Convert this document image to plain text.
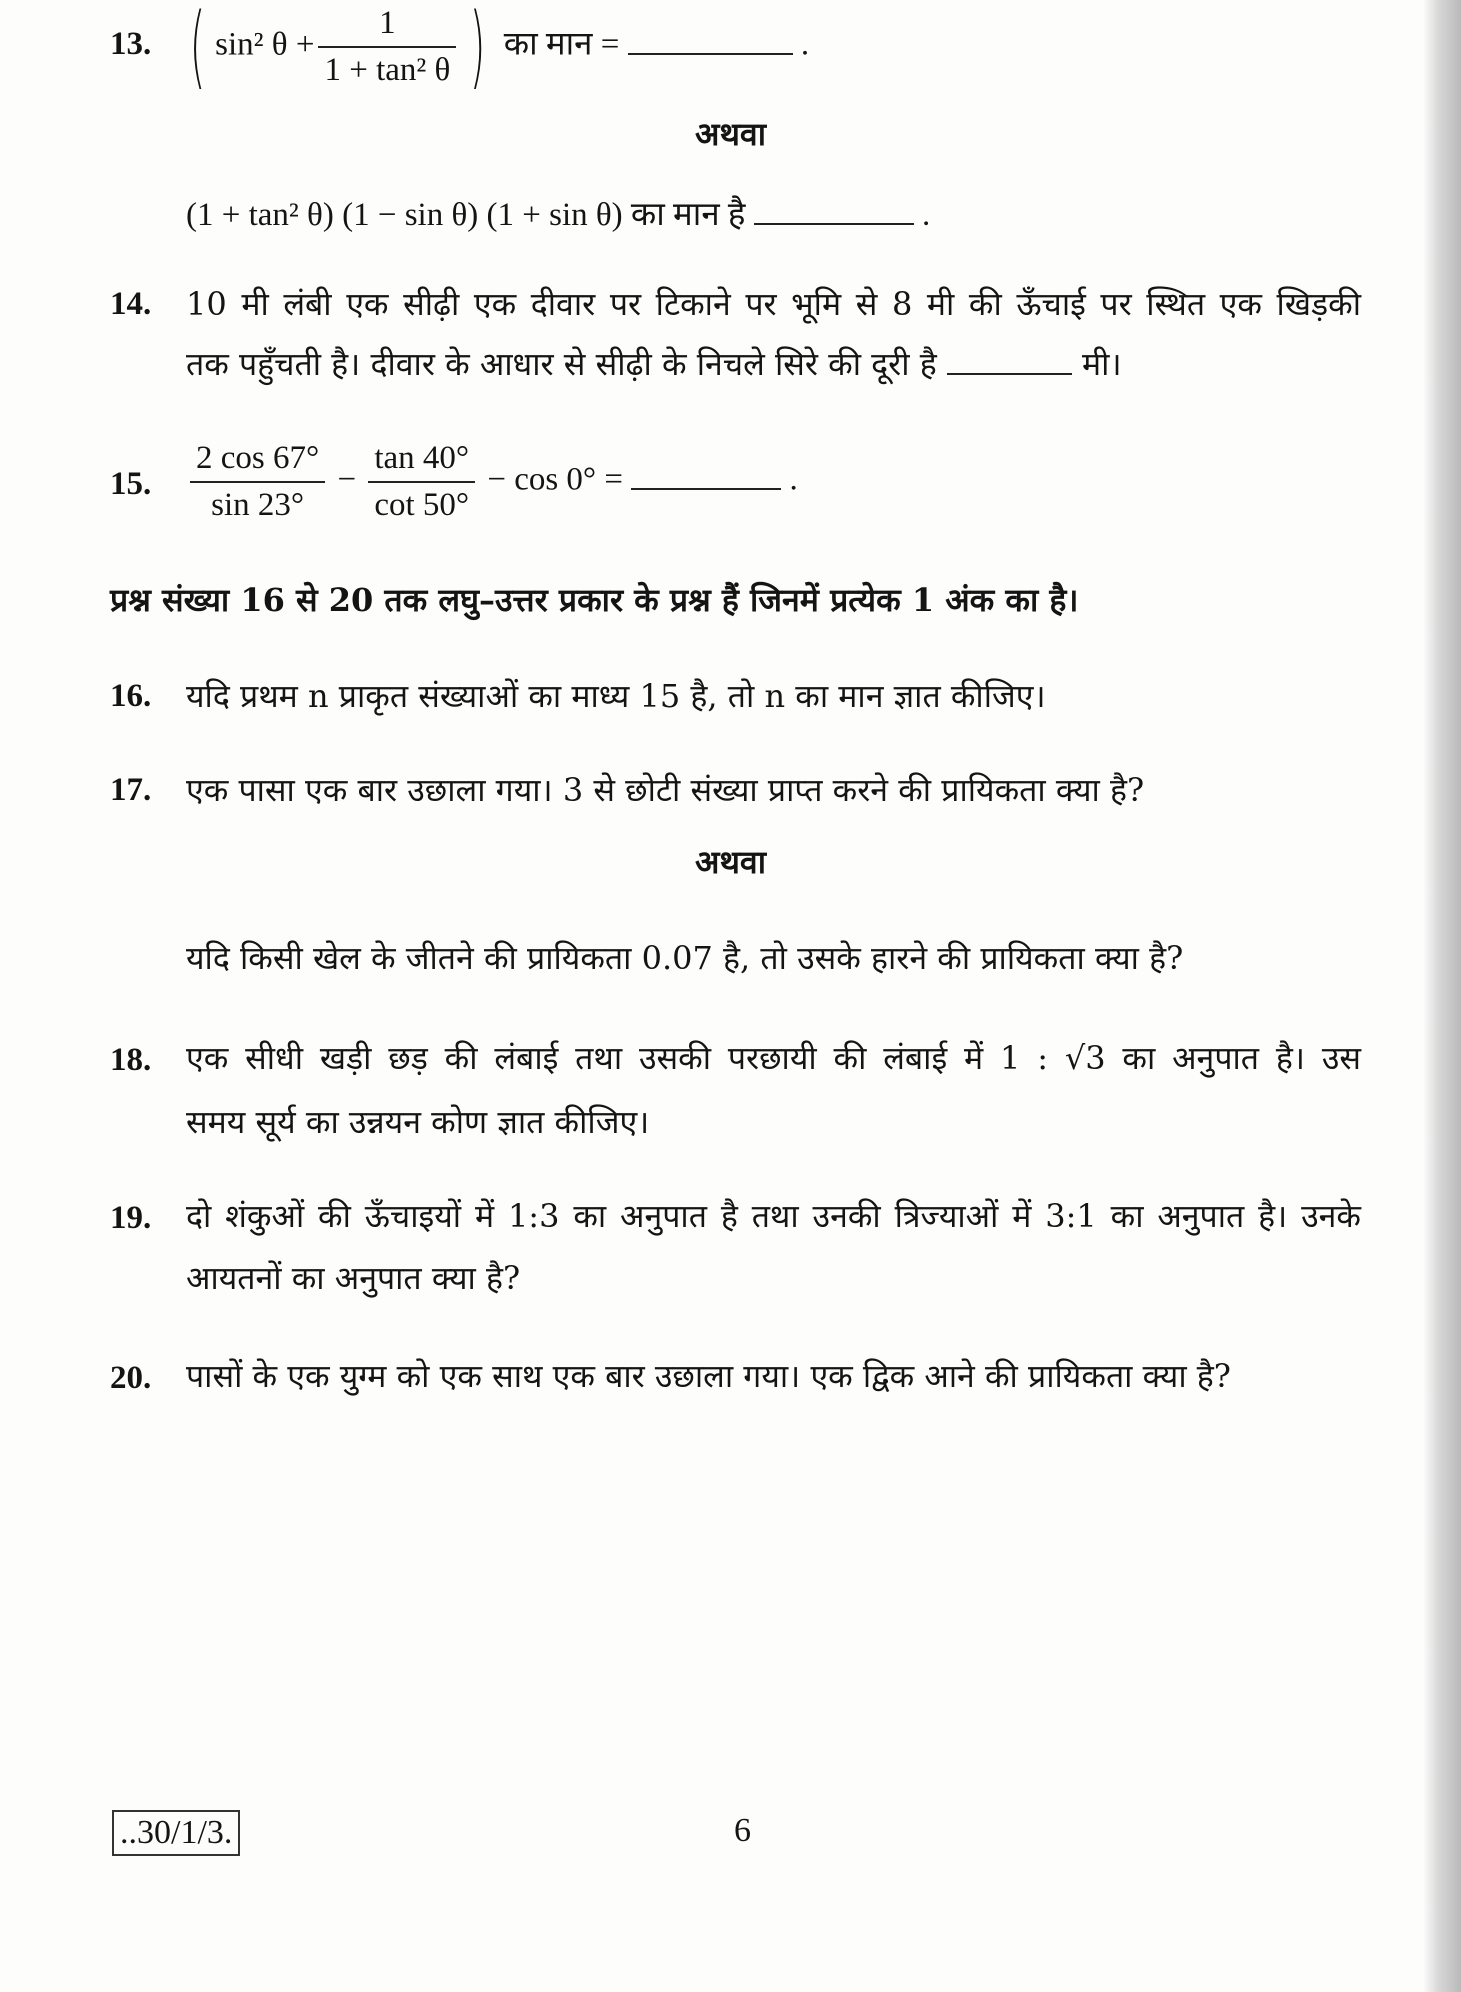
13. ( sin² $\theta + \frac{1}{\text{1 + tan² θ}}$ ) का मान =	.
अथवा
(1 + tan² θ) (1 − sin θ) (1 + sin θ) का मान है	.
14. 10 मी लंबी एक सीढ़ी एक दीवार पर टिकाने पर भूमि से 8 मी की ऊँचाई पर स्थित एक खिड़की
तक पहुँचती है। दीवार के आधार से सीढ़ी के निचले सिरे की दूरी है	मी।
15. $\frac{2 \cos 67^\circ}{\sin 23^\circ} - \frac{\tan 40^\circ}{\cot 50^\circ} - \cos 0^\circ$ =	.
प्रश्न संख्या 16 से 20 तक लघु–उत्तर प्रकार के प्रश्न हैं जिनमें प्रत्येक 1 अंक का है।
16. यदि प्रथम n प्राकृत संख्याओं का माध्य 15 है, तो n का मान ज्ञात कीजिए।
17. एक पासा एक बार उछाला गया। 3 से छोटी संख्या प्राप्त करने की प्रायिकता क्या है?
अथवा
यदि किसी खेल के जीतने की प्रायिकता 0.07 है, तो उसके हारने की प्रायिकता क्या है?
18. एक सीधी खड़ी छड़ की लंबाई तथा उसकी परछायी की लंबाई में 1 : √3 का अनुपात है। उस
समय सूर्य का उन्नयन कोण ज्ञात कीजिए।
19. दो शंकुओं की ऊँचाइयों में 1:3 का अनुपात है तथा उनकी त्रिज्याओं में 3:1 का अनुपात है। उनके
आयतनों का अनुपात क्या है?
20. पासों के एक युग्म को एक साथ एक बार उछाला गया। एक द्विक आने की प्रायिकता क्या है?
..30/1/3.	6
